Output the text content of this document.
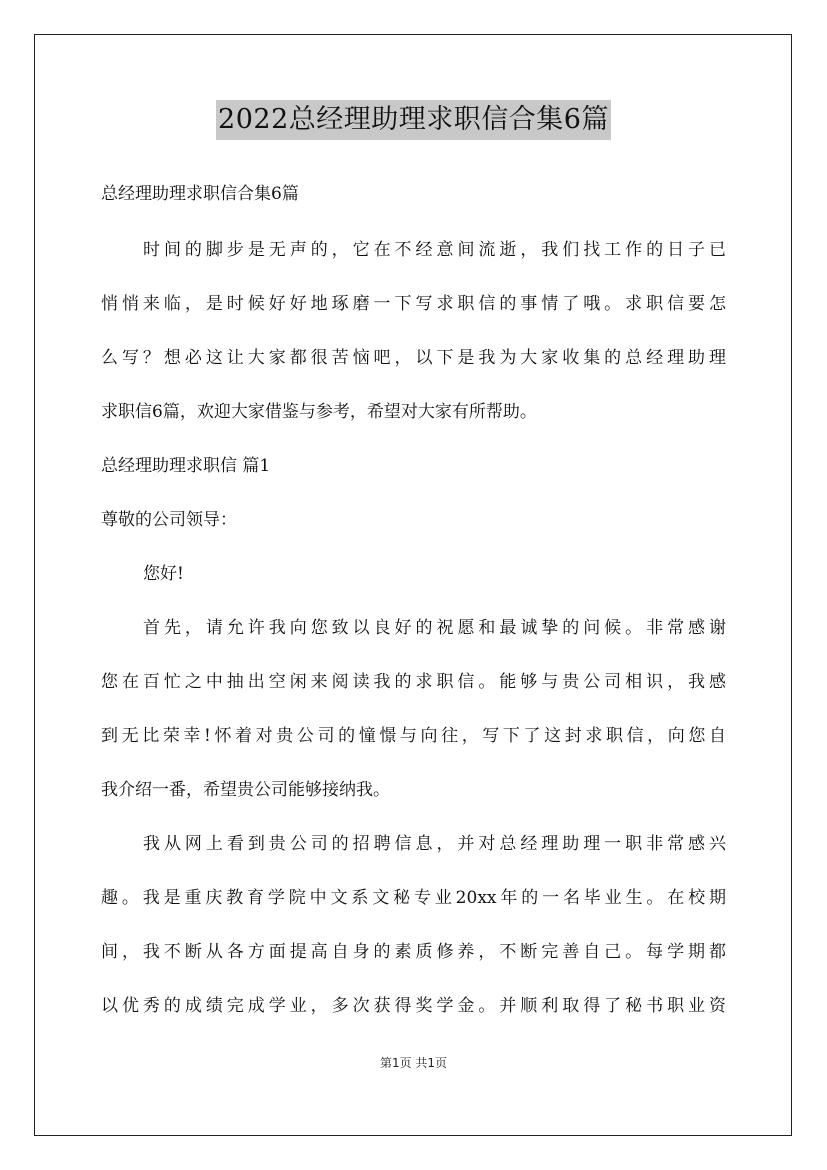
2022总经理助理求职信合集6篇
总经理助理求职信合集6篇
时间的脚步是无声的，它在不经意间流逝，我们找工作的日子已
悄悄来临，是时候好好地琢磨一下写求职信的事情了哦。求职信要怎
么写？想必这让大家都很苦恼吧，以下是我为大家收集的总经理助理
求职信6篇，欢迎大家借鉴与参考，希望对大家有所帮助。
总经理助理求职信 篇1
尊敬的公司领导：
您好!
首先，请允许我向您致以良好的祝愿和最诚挚的问候。非常感谢
您在百忙之中抽出空闲来阅读我的求职信。能够与贵公司相识，我感
到无比荣幸!怀着对贵公司的憧憬与向往，写下了这封求职信，向您自
我介绍一番，希望贵公司能够接纳我。
我从网上看到贵公司的招聘信息，并对总经理助理一职非常感兴
趣。我是重庆教育学院中文系文秘专业20xx年的一名毕业生。在校期
间，我不断从各方面提高自身的素质修养，不断完善自己。每学期都
以优秀的成绩完成学业，多次获得奖学金。并顺利取得了秘书职业资
第1页 共1页
